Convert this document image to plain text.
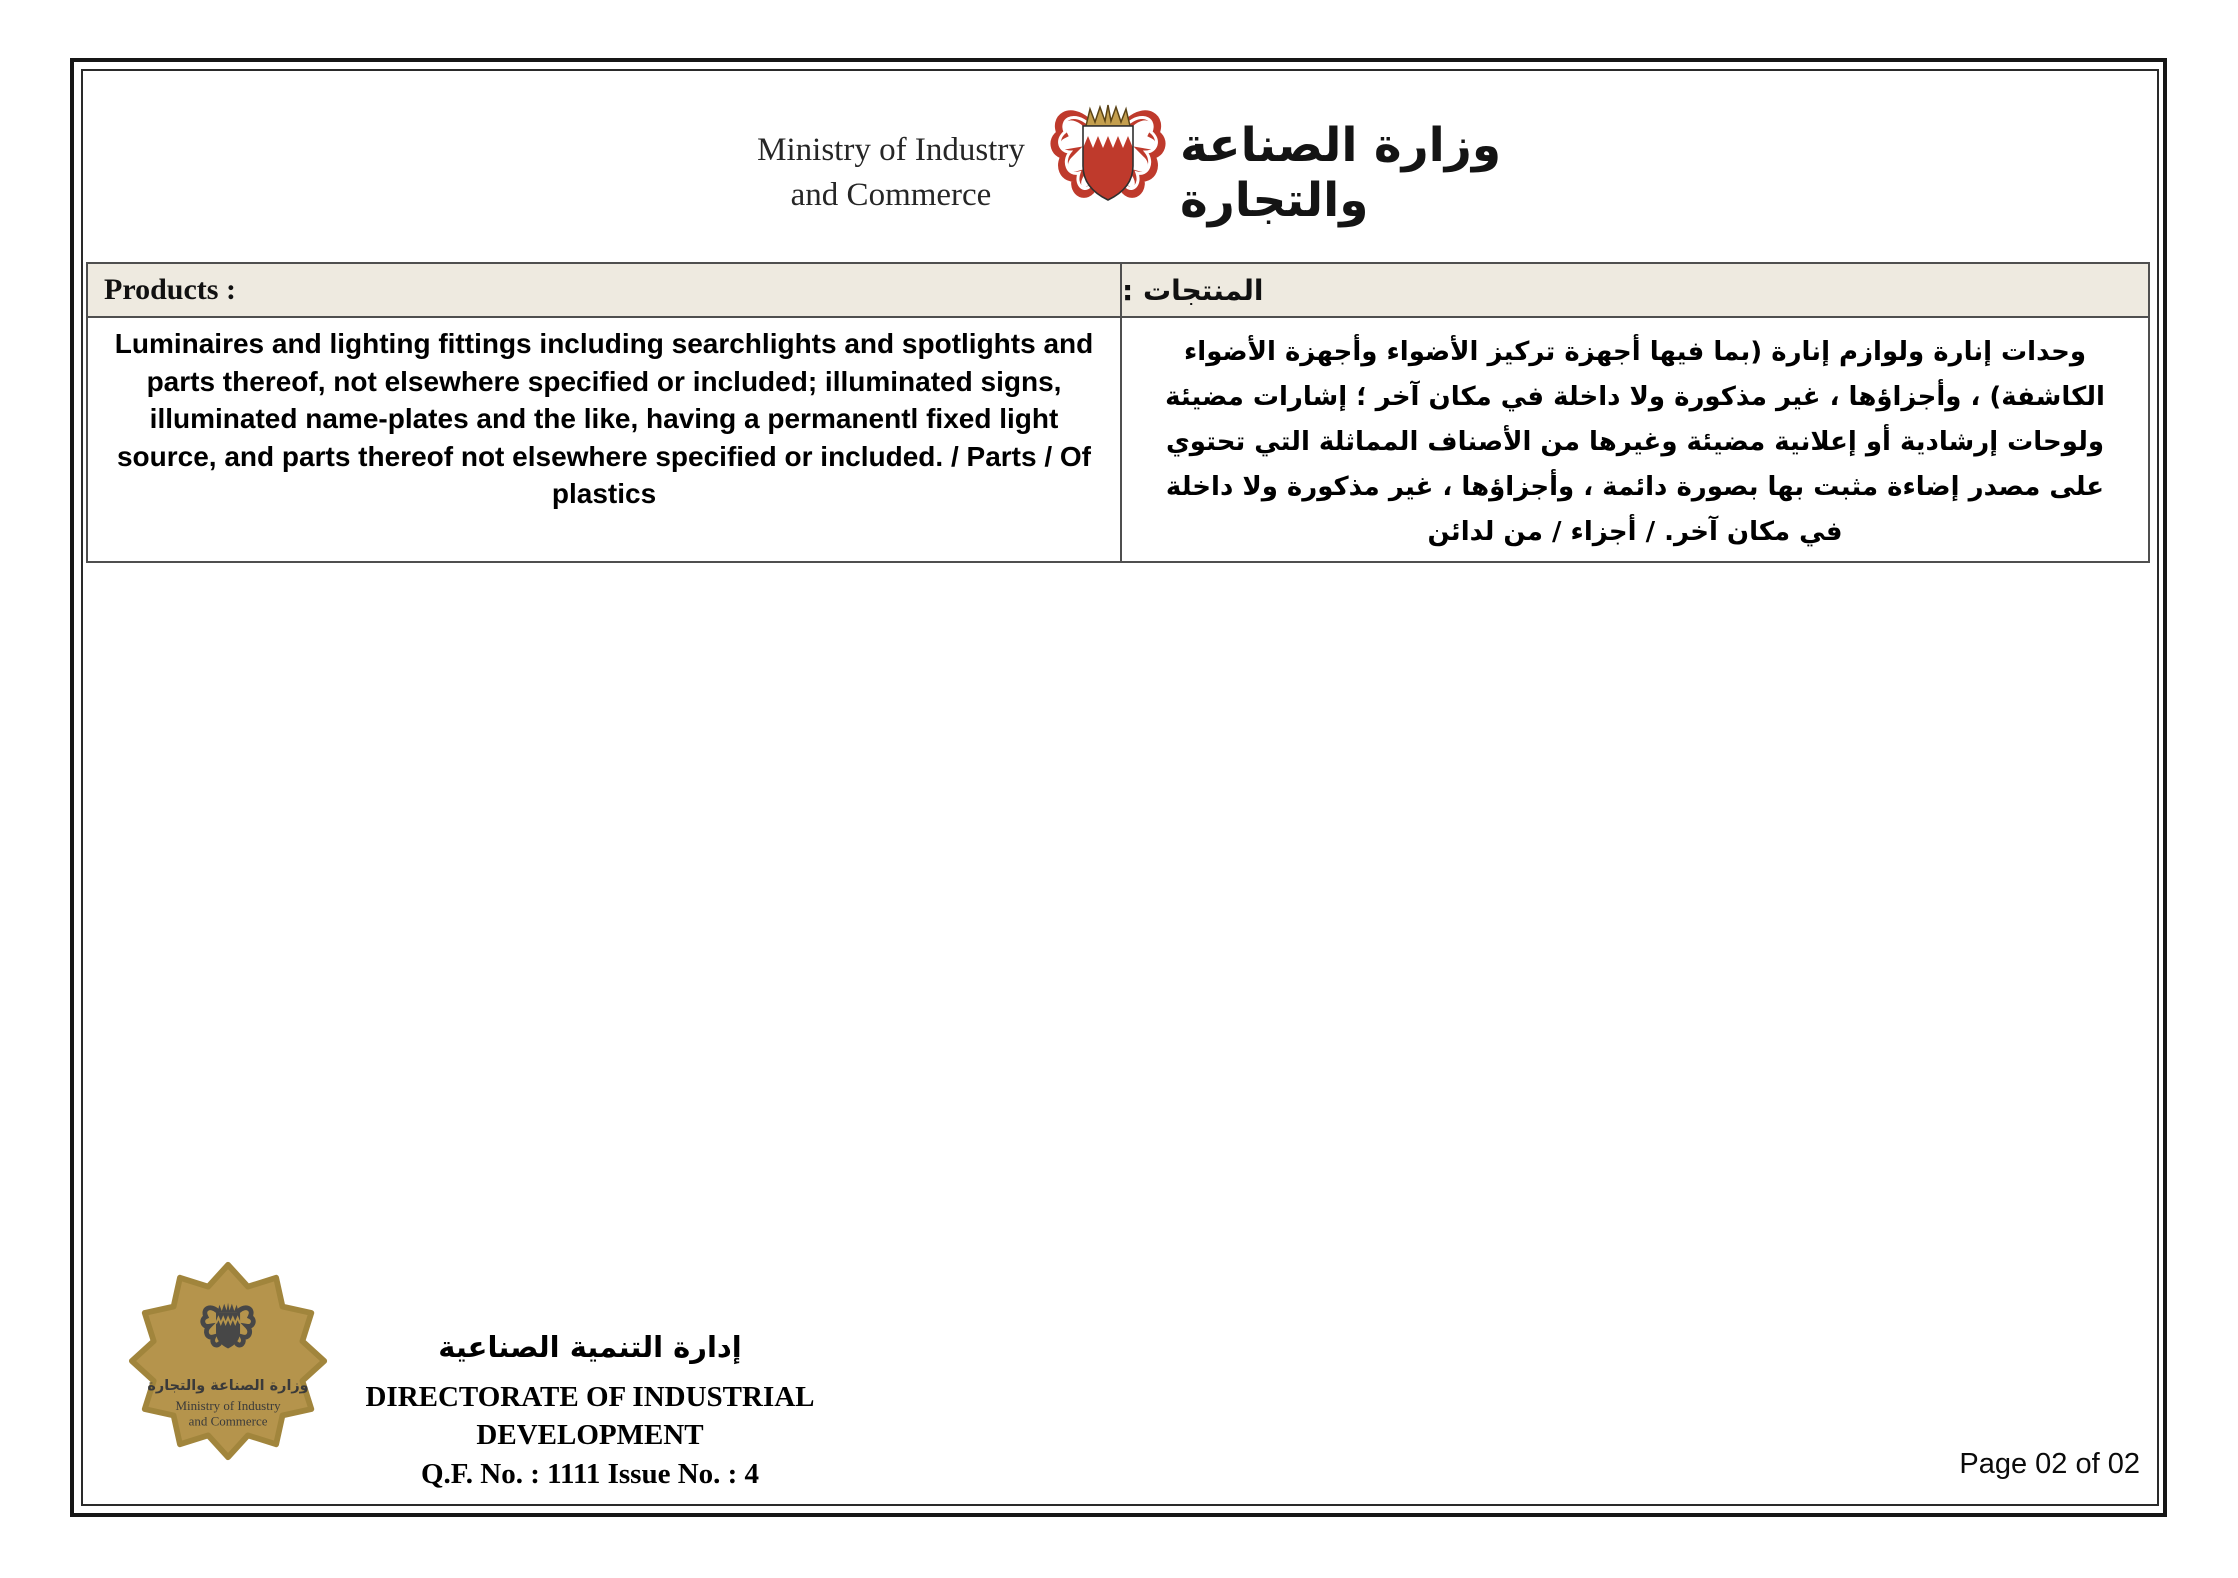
Ministry of Industry
and Commerce
وزارة الصناعة والتجارة
Products :	المنتجات :
Luminaires and lighting fittings including searchlights and spotlights and parts thereof, not elsewhere specified or included; illuminated signs, illuminated name-plates and the like, having a permanentl fixed light source, and parts thereof not elsewhere specified or included. / Parts / Of plastics
وحدات إنارة ولوازم إنارة (بما فيها أجهزة تركيز الأضواء وأجهزة الأضواء الكاشفة) ، وأجزاؤها ، غير مذكورة ولا داخلة في مكان آخر ؛ إشارات مضيئة ولوحات إرشادية أو إعلانية مضيئة وغيرها من الأصناف المماثلة التي تحتوي على مصدر إضاءة مثبت بها بصورة دائمة ، وأجزاؤها ، غير مذكورة ولا داخلة في مكان آخر. / أجزاء / من لدائن
وزارة الصناعة والتجارة
Ministry of Industry
and Commerce
إدارة التنمية الصناعية
DIRECTORATE OF INDUSTRIAL
DEVELOPMENT
Q.F. No. : 1111 Issue No. : 4	Page 02 of 02
